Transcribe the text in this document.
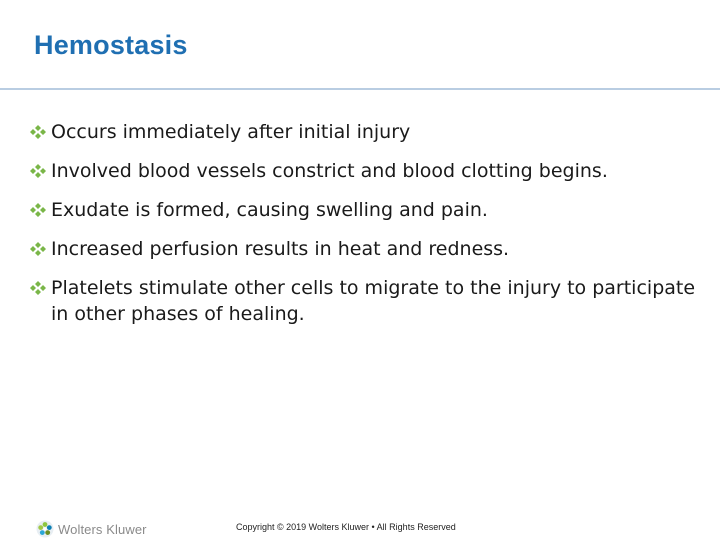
Hemostasis
Occurs immediately after initial injury
Involved blood vessels constrict and blood clotting begins.
Exudate is formed, causing swelling and pain.
Increased perfusion results in heat and redness.
Platelets stimulate other cells to migrate to the injury to participate in other phases of healing.
Wolters Kluwer	Copyright © 2019 Wolters Kluwer • All Rights Reserved
